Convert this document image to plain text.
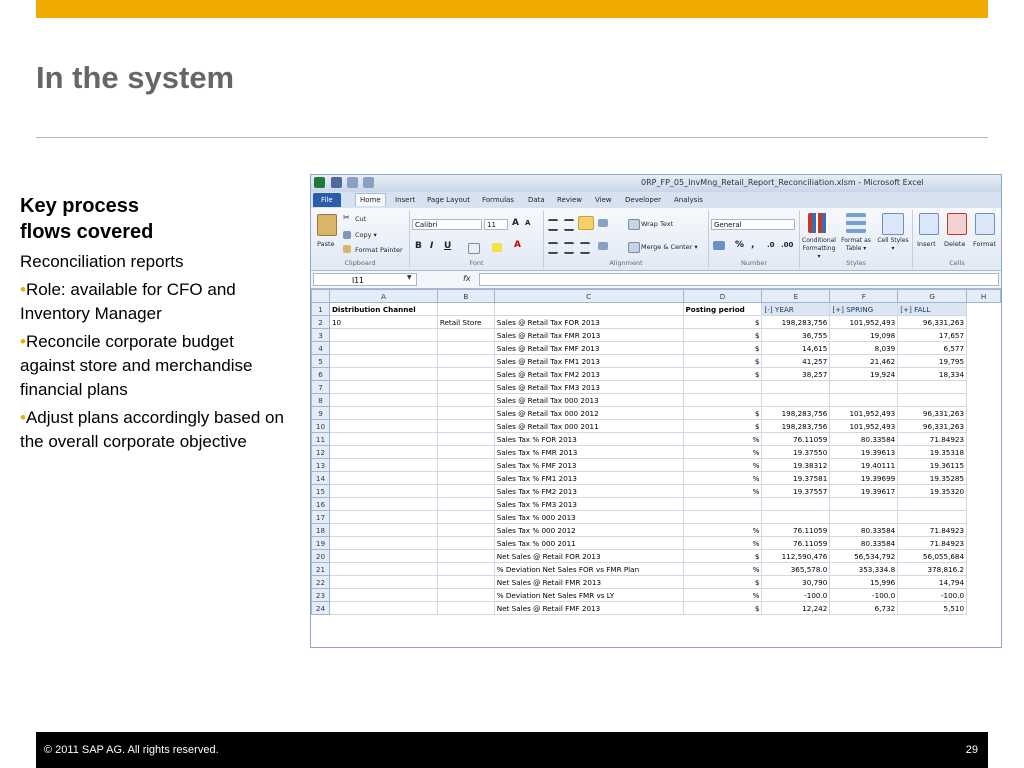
In the system
Key process
flows covered

Reconciliation reports

•Role: available for CFO and Inventory Manager

•Reconcile corporate budget against store and merchandise financial plans

•Adjust plans accordingly based on the overall corporate objective

0RP_FP_05_InvMng_Retail_Report_Reconciliation.xlsm - Microsoft Excel
File	Home	Insert	Page Layout	Formulas	Data	Review	View	Developer	Analysis
Paste
✂ Cut
Copy ▾
Format Painter
Clipboard
Calibri	11	A A
B I U	A
Font
Wrap Text
Merge & Center ▾
Alignment
General
% , .0 .00
Number
Conditional Formatting ▾
Format as Table ▾
Cell Styles ▾
Styles
Insert Delete Format
Cells
I11	▼	fx
	A	B	C	D	E	F	G	H
1	Distribution Channel			Posting period	[-] YEAR	[+] SPRING	[+] FALL	
2	10	Retail Store	Sales @ Retail Tax FOR 2013	$	198,283,756	101,952,493	96,331,263	
3			Sales @ Retail Tax FMR 2013	$	36,755	19,098	17,657	
4			Sales @ Retail Tax FMF 2013	$	14,615	8,039	6,577	
5			Sales @ Retail Tax FM1 2013	$	41,257	21,462	19,795	
6			Sales @ Retail Tax FM2 2013	$	38,257	19,924	18,334	
7			Sales @ Retail Tax FM3 2013					
8			Sales @ Retail Tax 000 2013					
9			Sales @ Retail Tax 000 2012	$	198,283,756	101,952,493	96,331,263	
10			Sales @ Retail Tax 000 2011	$	198,283,756	101,952,493	96,331,263	
11			Sales Tax % FOR 2013	%	76.11059	80.33584	71.84923	
12			Sales Tax % FMR 2013	%	19.37550	19.39613	19.35318	
13			Sales Tax % FMF 2013	%	19.38312	19.40111	19.36115	
14			Sales Tax % FM1 2013	%	19.37581	19.39699	19.35285	
15			Sales Tax % FM2 2013	%	19.37557	19.39617	19.35320	
16			Sales Tax % FM3 2013					
17			Sales Tax % 000 2013					
18			Sales Tax % 000 2012	%	76.11059	80.33584	71.84923	
19			Sales Tax % 000 2011	%	76.11059	80.33584	71.84923	
20			Net Sales @ Retail FOR 2013	$	112,590,476	56,534,792	56,055,684	
21			% Deviation Net Sales FOR vs FMR Plan	%	365,578.0	353,334.8	378,816.2	
22			Net Sales @ Retail FMR 2013	$	30,790	15,996	14,794	
23			% Deviation Net Sales FMR vs LY	%	-100.0	-100.0	-100.0	
24			Net Sales @ Retail FMF 2013	$	12,242	6,732	5,510	
© 2011 SAP AG. All rights reserved.	29
